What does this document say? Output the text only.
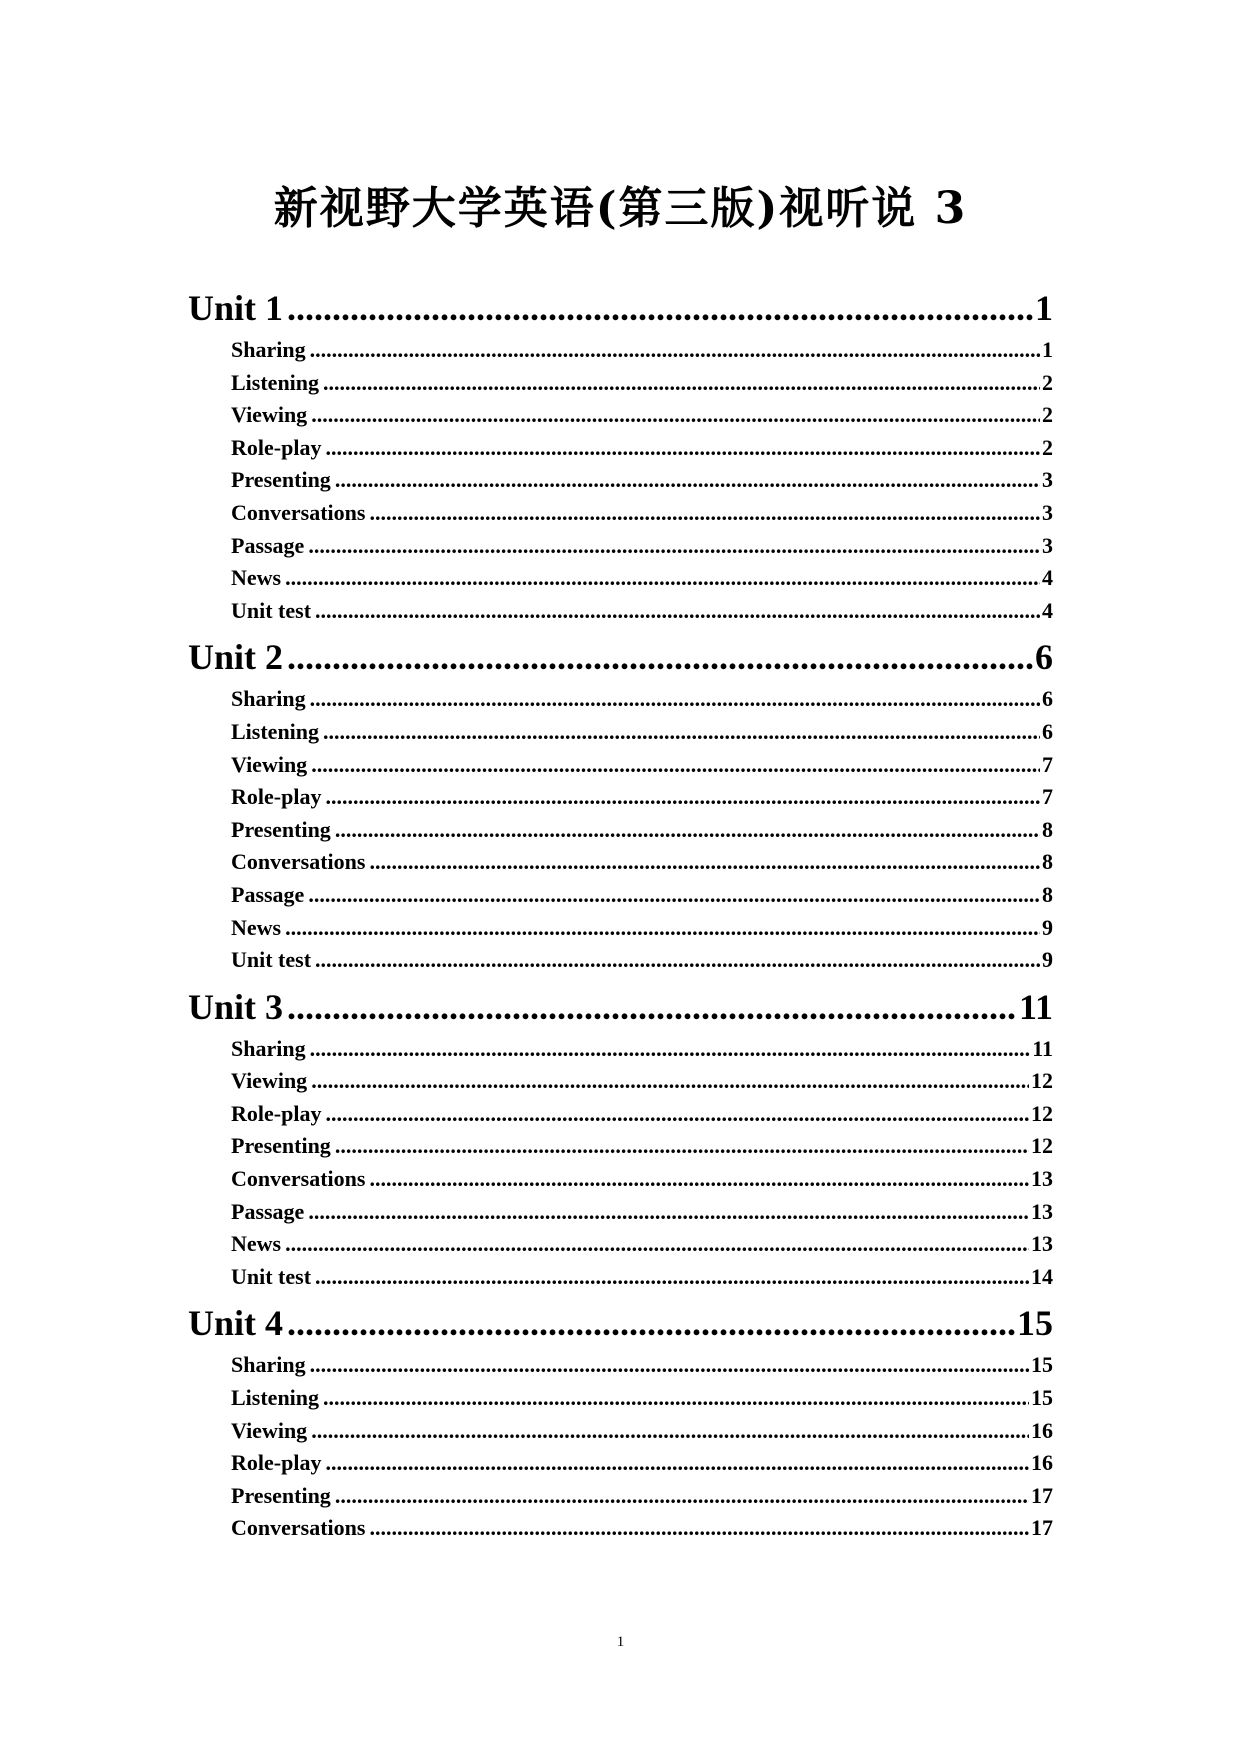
新视野大学英语(第三版)视听说 3
Unit 1 .....	1
Sharing .....	1
Listening .....	2
Viewing .....	2
Role-play .....	2
Presenting .....	3
Conversations .....	3
Passage .....	3
News .....	4
Unit test .....	4
Unit 2 .....	6
Sharing .....	6
Listening .....	6
Viewing .....	7
Role-play .....	7
Presenting .....	8
Conversations .....	8
Passage .....	8
News .....	9
Unit test .....	9
Unit 3 .....	11
Sharing .....	11
Viewing .....	12
Role-play .....	12
Presenting .....	12
Conversations .....	13
Passage .....	13
News .....	13
Unit test .....	14
Unit 4 .....	15
Sharing .....	15
Listening .....	15
Viewing .....	16
Role-play .....	16
Presenting .....	17
Conversations .....	17
1
